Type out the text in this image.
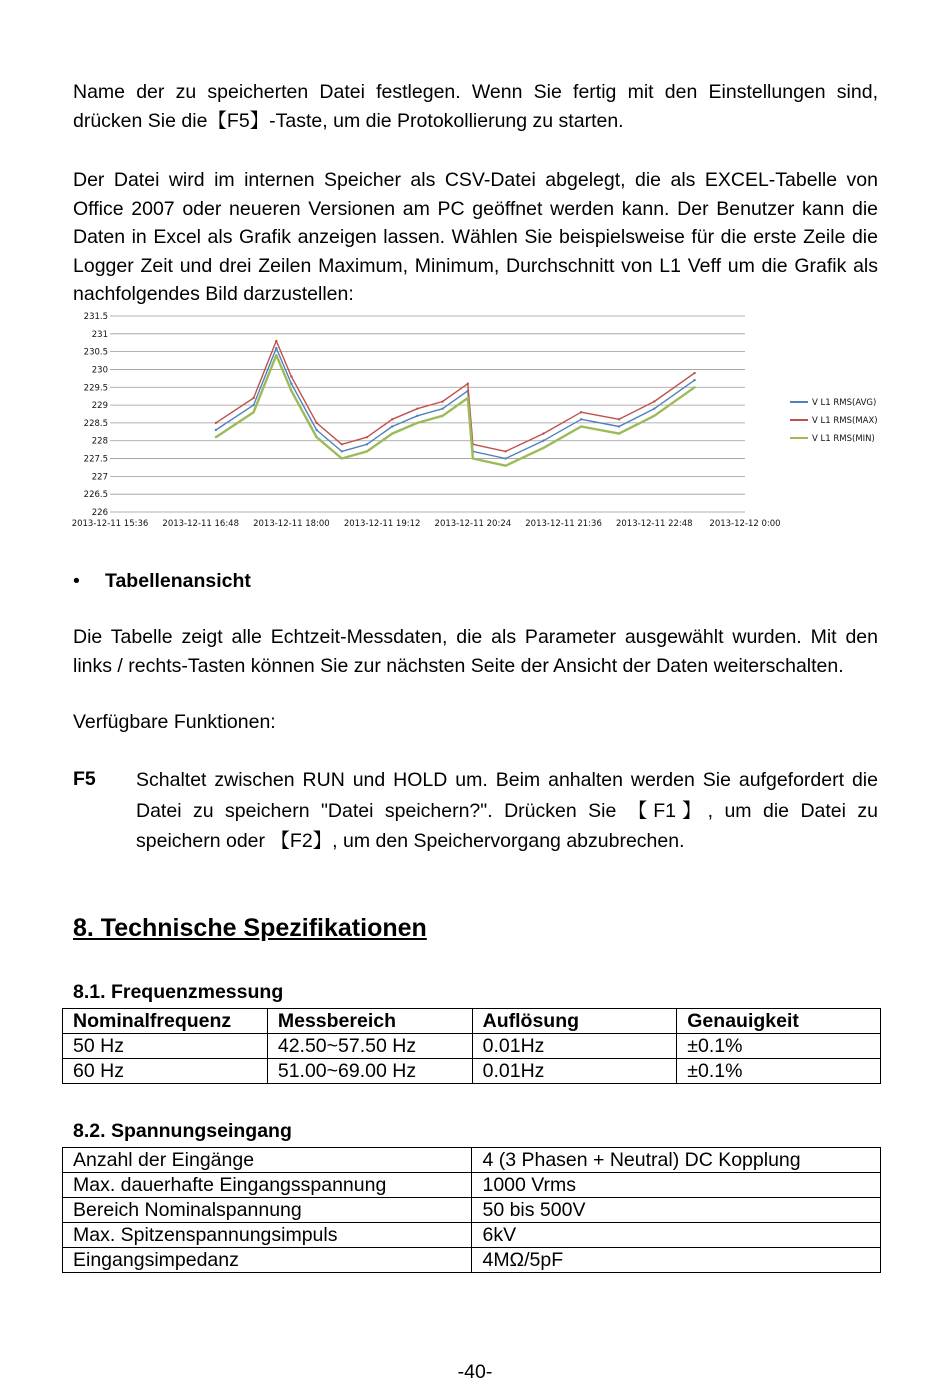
Name der zu speicherten Datei festlegen. Wenn Sie fertig mit den Einstellungen sind, drücken Sie die【F5】-Taste, um die Protokollierung zu starten.

Der Datei wird im internen Speicher als CSV-Datei abgelegt, die als EXCEL-Tabelle von Office 2007 oder neueren Versionen am PC geöffnet werden kann. Der Benutzer kann die Daten in Excel als Grafik anzeigen lassen. Wählen Sie beispielsweise für die erste Zeile die Logger Zeit und drei Zeilen Maximum, Minimum, Durchschnitt von L1 Veff um die Grafik als nachfolgendes Bild darzustellen:

231.5
231
230.5
230
229.5
229
228.5
228
227.5
227
226.5
226
2013-12-11 15:36 2013-12-11 16:48 2013-12-11 18:00 2013-12-11 19:12 2013-12-11 20:24 2013-12-11 21:36 2013-12-11 22:48 2013-12-12 0:00
V L1 RMS(AVG)
V L1 RMS(MAX)
V L1 RMS(MIN)
• Tabellenansicht

Die Tabelle zeigt alle Echtzeit-Messdaten, die als Parameter ausgewählt wurden. Mit den links / rechts-Tasten können Sie zur nächsten Seite der Ansicht der Daten weiterschalten.

Verfügbare Funktionen:

F5 Schaltet zwischen RUN und HOLD um. Beim anhalten werden Sie aufgefordert die Datei zu speichern "Datei speichern?". Drücken Sie 【F1】, um die Datei zu speichern oder 【F2】, um den Speichervorgang abzubrechen.

8. Technische Spezifikationen
8.1. Frequenzmessung
Nominalfrequenz	Messbereich	Auflösung	Genauigkeit
50 Hz	42.50~57.50 Hz	0.01Hz	±0.1%
60 Hz	51.00~69.00 Hz	0.01Hz	±0.1%
8.2. Spannungseingang
Anzahl der Eingänge	4 (3 Phasen + Neutral) DC Kopplung
Max. dauerhafte Eingangsspannung	1000 Vrms
Bereich Nominalspannung	50 bis 500V
Max. Spitzenspannungsimpuls	6kV
Eingangsimpedanz	4MΩ/5pF
-40-
